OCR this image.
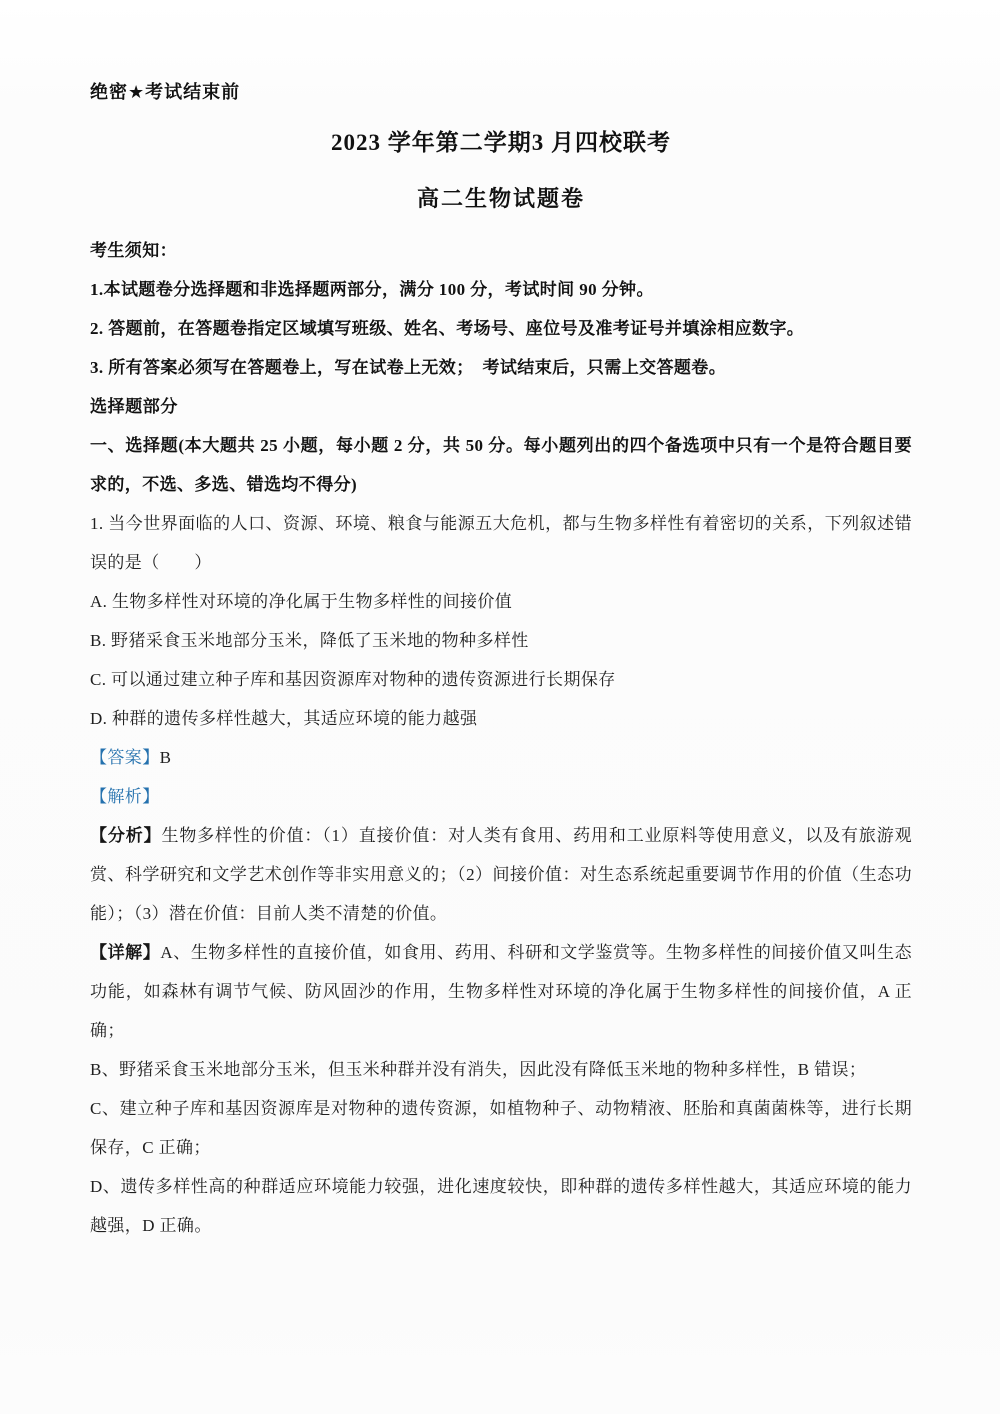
绝密★考试结束前
2023 学年第二学期3 月四校联考
高二生物试题卷

考生须知：

1.本试题卷分选择题和非选择题两部分，满分 100 分，考试时间 90 分钟。

2. 答题前，在答题卷指定区域填写班级、姓名、考场号、座位号及准考证号并填涂相应数字。

3. 所有答案必须写在答题卷上，写在试卷上无效；　考试结束后，只需上交答题卷。

选择题部分

一、选择题(本大题共 25 小题，每小题 2 分，共 50 分。每小题列出的四个备选项中只有一个是符合题目要求的，不选、多选、错选均不得分)

1. 当今世界面临的人口、资源、环境、粮食与能源五大危机，都与生物多样性有着密切的关系，下列叙述错误的是（　　）

A. 生物多样性对环境的净化属于生物多样性的间接价值

B. 野猪采食玉米地部分玉米，降低了玉米地的物种多样性

C. 可以通过建立种子库和基因资源库对物种的遗传资源进行长期保存

D. 种群的遗传多样性越大，其适应环境的能力越强

【答案】B

【解析】

【分析】生物多样性的价值：（1）直接价值：对人类有食用、药用和工业原料等使用意义，以及有旅游观赏、科学研究和文学艺术创作等非实用意义的；（2）间接价值：对生态系统起重要调节作用的价值（生态功能）；（3）潜在价值：目前人类不清楚的价值。

【详解】A、生物多样性的直接价值，如食用、药用、科研和文学鉴赏等。生物多样性的间接价值又叫生态功能，如森林有调节气候、防风固沙的作用，生物多样性对环境的净化属于生物多样性的间接价值，A 正确；

B、野猪采食玉米地部分玉米，但玉米种群并没有消失，因此没有降低玉米地的物种多样性，B 错误；

C、建立种子库和基因资源库是对物种的遗传资源，如植物种子、动物精液、胚胎和真菌菌株等，进行长期保存，C 正确；

D、遗传多样性高的种群适应环境能力较强，进化速度较快，即种群的遗传多样性越大，其适应环境的能力越强，D 正确。
